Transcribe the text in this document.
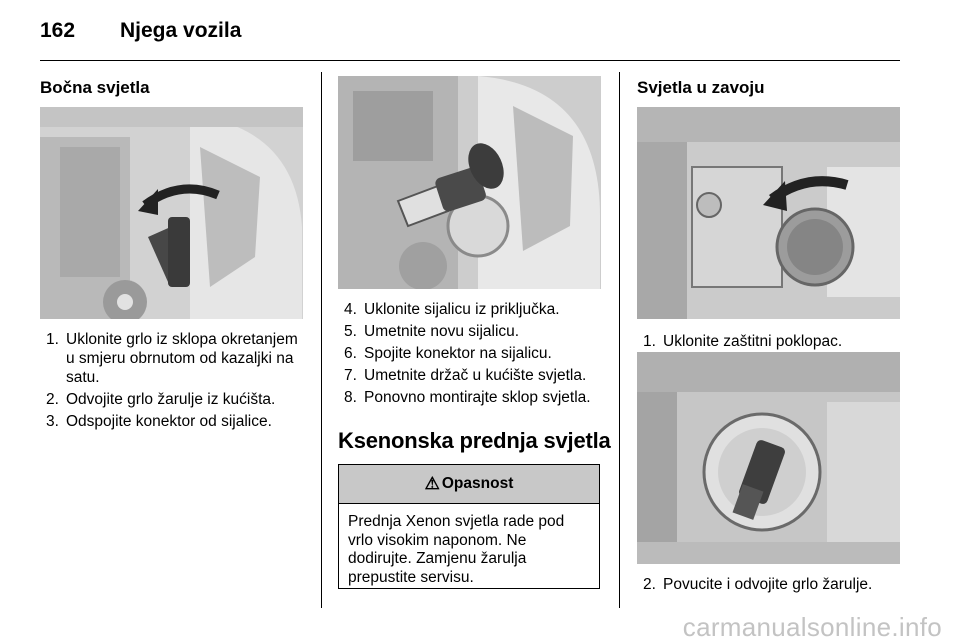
162 Njega vozila
Bočna svjetla
1. Uklonite grlo iz sklopa okretanjem u smjeru obrnutom od kazaljki na satu.
2. Odvojite grlo žarulje iz kućišta.
3. Odspojite konektor od sijalice.
4. Uklonite sijalicu iz priključka.
5. Umetnite novu sijalicu.
6. Spojite konektor na sijalicu.
7. Umetnite držač u kućište svjetla.
8. Ponovno montirajte sklop svjetla.
Ksenonska prednja svjetla
⚠ Opasnost
Prednja Xenon svjetla rade pod vrlo visokim naponom. Ne dodirujte. Zamjenu žarulja prepustite servisu.
Svjetla u zavoju
1. Uklonite zaštitni poklopac.
2. Povucite i odvojite grlo žarulje.
carmanualsonline.info
